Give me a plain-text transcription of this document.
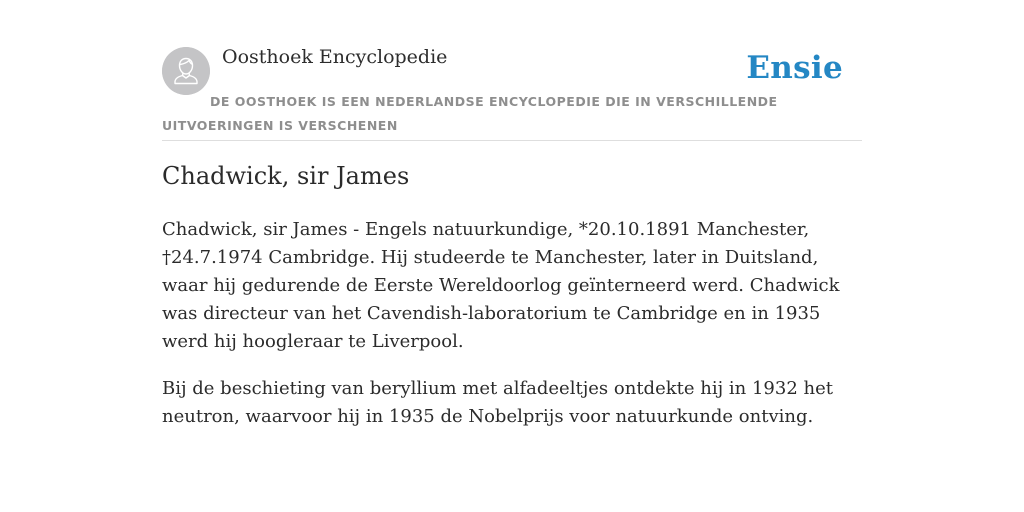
Oosthoek Encyclopedie	Ensie
DE OOSTHOEK IS EEN NEDERLANDSE ENCYCLOPEDIE DIE IN VERSCHILLENDE UITVOERINGEN IS VERSCHENEN
Chadwick, sir James

Chadwick, sir James - Engels natuurkundige, *20.10.1891 Manchester, †24.7.1974 Cambridge. Hij studeerde te Manchester, later in Duitsland, waar hij gedurende de Eerste Wereldoorlog geïnterneerd werd. Chadwick was directeur van het Cavendish-laboratorium te Cambridge en in 1935 werd hij hoogleraar te Liverpool.

Bij de beschieting van beryllium met alfadeeltjes ontdekte hij in 1932 het neutron, waarvoor hij in 1935 de Nobelprijs voor natuurkunde ontving.
